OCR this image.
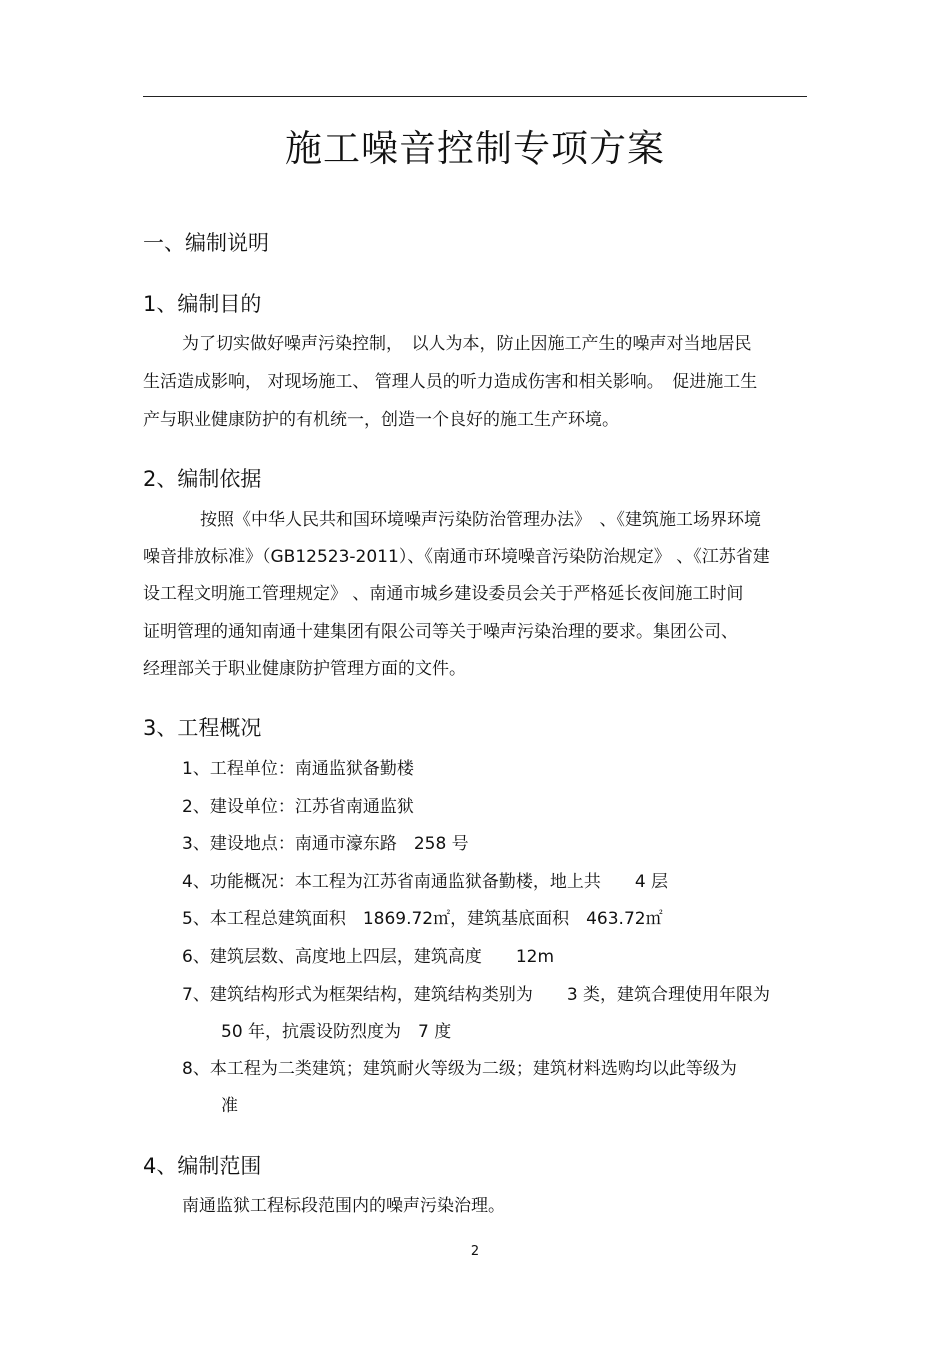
施工噪音控制专项方案
一、编制说明
1、编制目的
为了切实做好噪声污染控制，　以人为本，防止因施工产生的噪声对当地居民
生活造成影响， 对现场施工、 管理人员的听力造成伤害和相关影响。　促进施工生
产与职业健康防护的有机统一，创造一个良好的施工生产环境。
2、编制依据
按照《中华人民共和国环境噪声污染防治管理办法》　、《建筑施工场界环境
噪音排放标准》（GB12523-2011）、《南通市环境噪音污染防治规定》 、《江苏省建
设工程文明施工管理规定》 、南通市城乡建设委员会关于严格延长夜间施工时间
证明管理的通知南通十建集团有限公司等关于噪声污染治理的要求。集团公司、
经理部关于职业健康防护管理方面的文件。
3、工程概况
1、工程单位：南通监狱备勤楼
2、建设单位：江苏省南通监狱
3、建设地点：南通市濠东路　258 号
4、功能概况：本工程为江苏省南通监狱备勤楼，地上共　　4 层
5、本工程总建筑面积　1869.72㎡，建筑基底面积　463.72㎡
6、建筑层数、高度地上四层，建筑高度　　12m
7、建筑结构形式为框架结构，建筑结构类别为　　3 类，建筑合理使用年限为
50 年，抗震设防烈度为　7 度
8、本工程为二类建筑；建筑耐火等级为二级；建筑材料选购均以此等级为
准
4、编制范围
南通监狱工程标段范围内的噪声污染治理。
2
